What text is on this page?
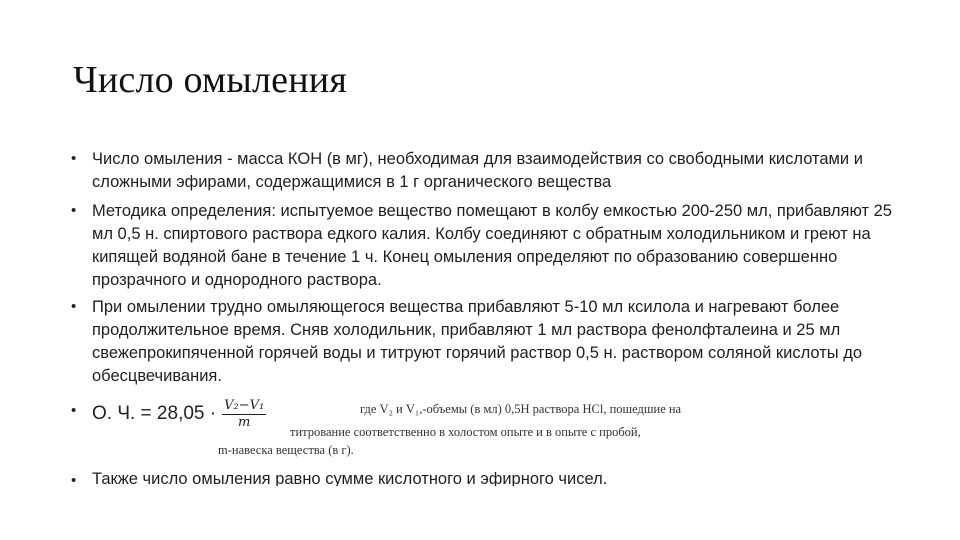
Число омыления
• Число омыления - масса КОН (в мг), необходимая для взаимодействия со свободными кислотами и сложными эфирами, содержащимися в 1 г органического вещества
• Методика определения: испытуемое вещество помещают в колбу емкостью 200-250 мл, прибавляют 25 мл 0,5 н. спиртового раствора едкого калия. Колбу соединяют с обратным холодильником и греют на кипящей водяной бане в течение 1 ч. Конец омыления определяют по образованию совершенно прозрачного и однородного раствора.
• При омылении трудно омыляющегося вещества прибавляют 5-10 мл ксилола и нагревают более продолжительное время. Сняв холодильник, прибавляют 1 мл раствора фенолфталеина и 25 мл свежепрокипяченной горячей воды и титруют горячий раствор 0,5 н. раствором соляной кислоты до обесцвечивания.
• О. Ч. = $28,05 \cdot \frac{\text{V₂−V₁}}{m}$	где V₂ и V₁,-объемы (в мл) 0,5Н раствора HCl, пошедшие на
титрование соответственно в холостом опыте и в опыте с пробой,
m-навеска вещества (в г).
• Также число омыления равно сумме кислотного и эфирного чисел.
